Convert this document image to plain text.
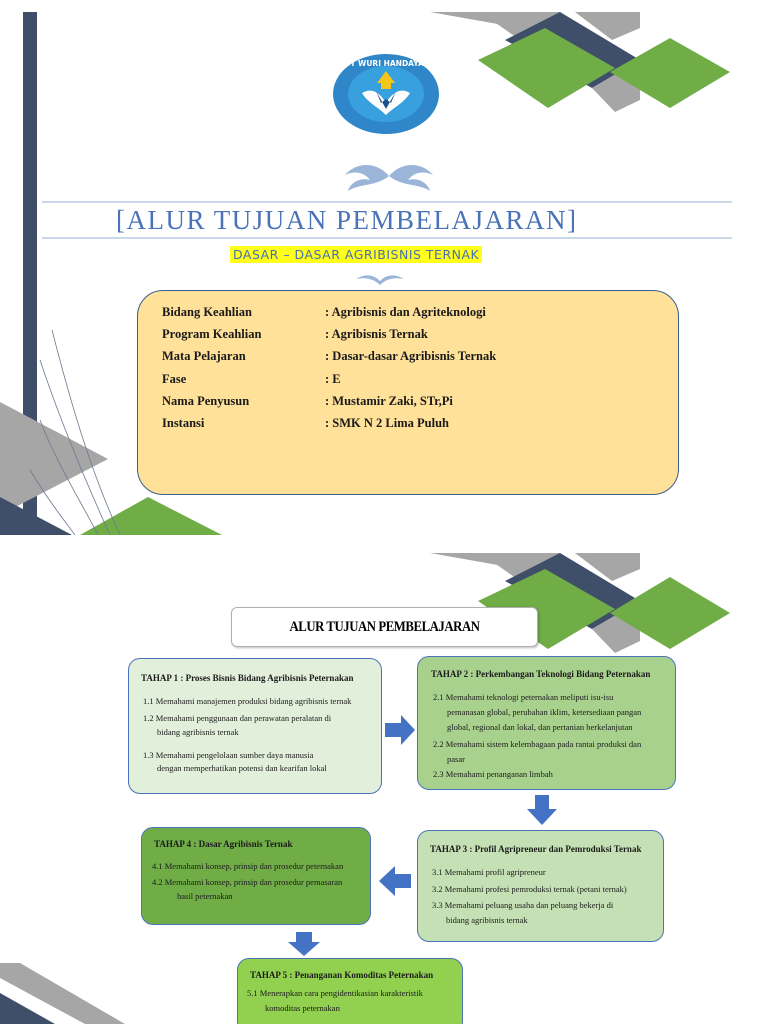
TUT WURI HANDAYANI
[ALUR TUJUAN PEMBELAJARAN]
DASAR – DASAR AGRIBISNIS TERNAK
Bidang Keahlian	: Agribisnis dan Agriteknologi
Program Keahlian	: Agribisnis Ternak
Mata Pelajaran	: Dasar-dasar Agribisnis Ternak
Fase	: E
Nama Penyusun	: Mustamir Zaki, STr,Pi
Instansi	: SMK N 2 Lima Puluh
ALUR TUJUAN PEMBELAJARAN
TAHAP 1 : Proses Bisnis Bidang Agribisnis Peternakan
1.1 Memahami manajemen produksi bidang agribisnis ternak
1.2 Memahami penggunaan dan perawatan peralatan di
bidang agribisnis ternak
1.3 Memahami pengelolaan sumber daya manusia
dengan memperhatikan potensi dan kearifan lokal
TAHAP 2 : Perkembangan Teknologi Bidang Peternakan
2.1 Memahami teknologi peternakan meliputi isu-isu
pemanasan global, perubahan iklim, ketersediaan pangan
global, regional dan lokal, dan pertanian berkelanjutan
2.2 Memahami sistem kelembagaan pada rantai produksi dan
pasar
2.3 Memahami penanganan limbah
TAHAP 3 : Profil Agripreneur dan Pemroduksi Ternak
3.1 Memahami profil agripreneur
3.2 Memahami profesi pemroduksi ternak (petani ternak)
3.3 Memahami peluang usaha dan peluang bekerja di
bidang agribisnis ternak
TAHAP 4 : Dasar Agribisnis Ternak
4.1 Memahami konsep, prinsip dan prosedur peternakan
4.2 Memahami konsep, prinsip dan prosedur pemasaran
hasil peternakan
TAHAP 5 : Penanganan Komoditas Peternakan
5.1 Menerapkan cara pengidentikasian karakteristik
komoditas peternakan
